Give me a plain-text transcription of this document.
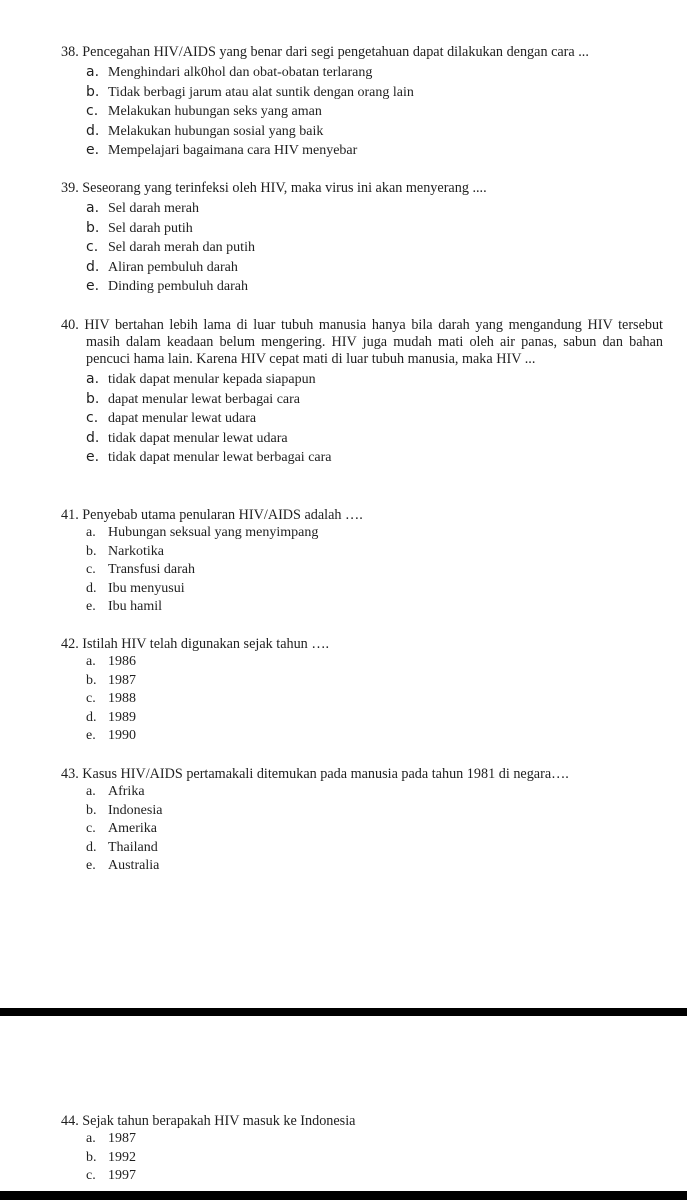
38. Pencegahan HIV/AIDS yang benar dari segi pengetahuan dapat dilakukan dengan cara ...

a. Menghindari alk0hol dan obat-obatan terlarang
b. Tidak berbagi jarum atau alat suntik dengan orang lain
c. Melakukan hubungan seks yang aman
d. Melakukan hubungan sosial yang baik
e. Mempelajari bagaimana cara HIV menyebar

39. Seseorang yang terinfeksi oleh HIV, maka virus ini akan menyerang ....

a. Sel darah merah
b. Sel darah putih
c. Sel darah merah dan putih
d. Aliran pembuluh darah
e. Dinding pembuluh darah

40. HIV bertahan lebih lama di luar tubuh manusia hanya bila darah yang mengandung HIV tersebut masih dalam keadaan belum mengering. HIV juga mudah mati oleh air panas, sabun dan bahan pencuci hama lain. Karena HIV cepat mati di luar tubuh manusia, maka HIV ...

a. tidak dapat menular kepada siapapun
b. dapat menular lewat berbagai cara
c. dapat menular lewat udara
d. tidak dapat menular lewat udara
e. tidak dapat menular lewat berbagai cara

41. Penyebab utama penularan HIV/AIDS adalah ….

a. Hubungan seksual yang menyimpang
b. Narkotika
c. Transfusi darah
d. Ibu menyusui
e. Ibu hamil

42. Istilah HIV telah digunakan sejak tahun ….

a. 1986
b. 1987
c. 1988
d. 1989
e. 1990

43. Kasus HIV/AIDS pertamakali ditemukan pada manusia pada tahun 1981 di negara….

a. Afrika
b. Indonesia
c. Amerika
d. Thailand
e. Australia

44. Sejak tahun berapakah HIV masuk ke Indonesia

a. 1987
b. 1992
c. 1997
